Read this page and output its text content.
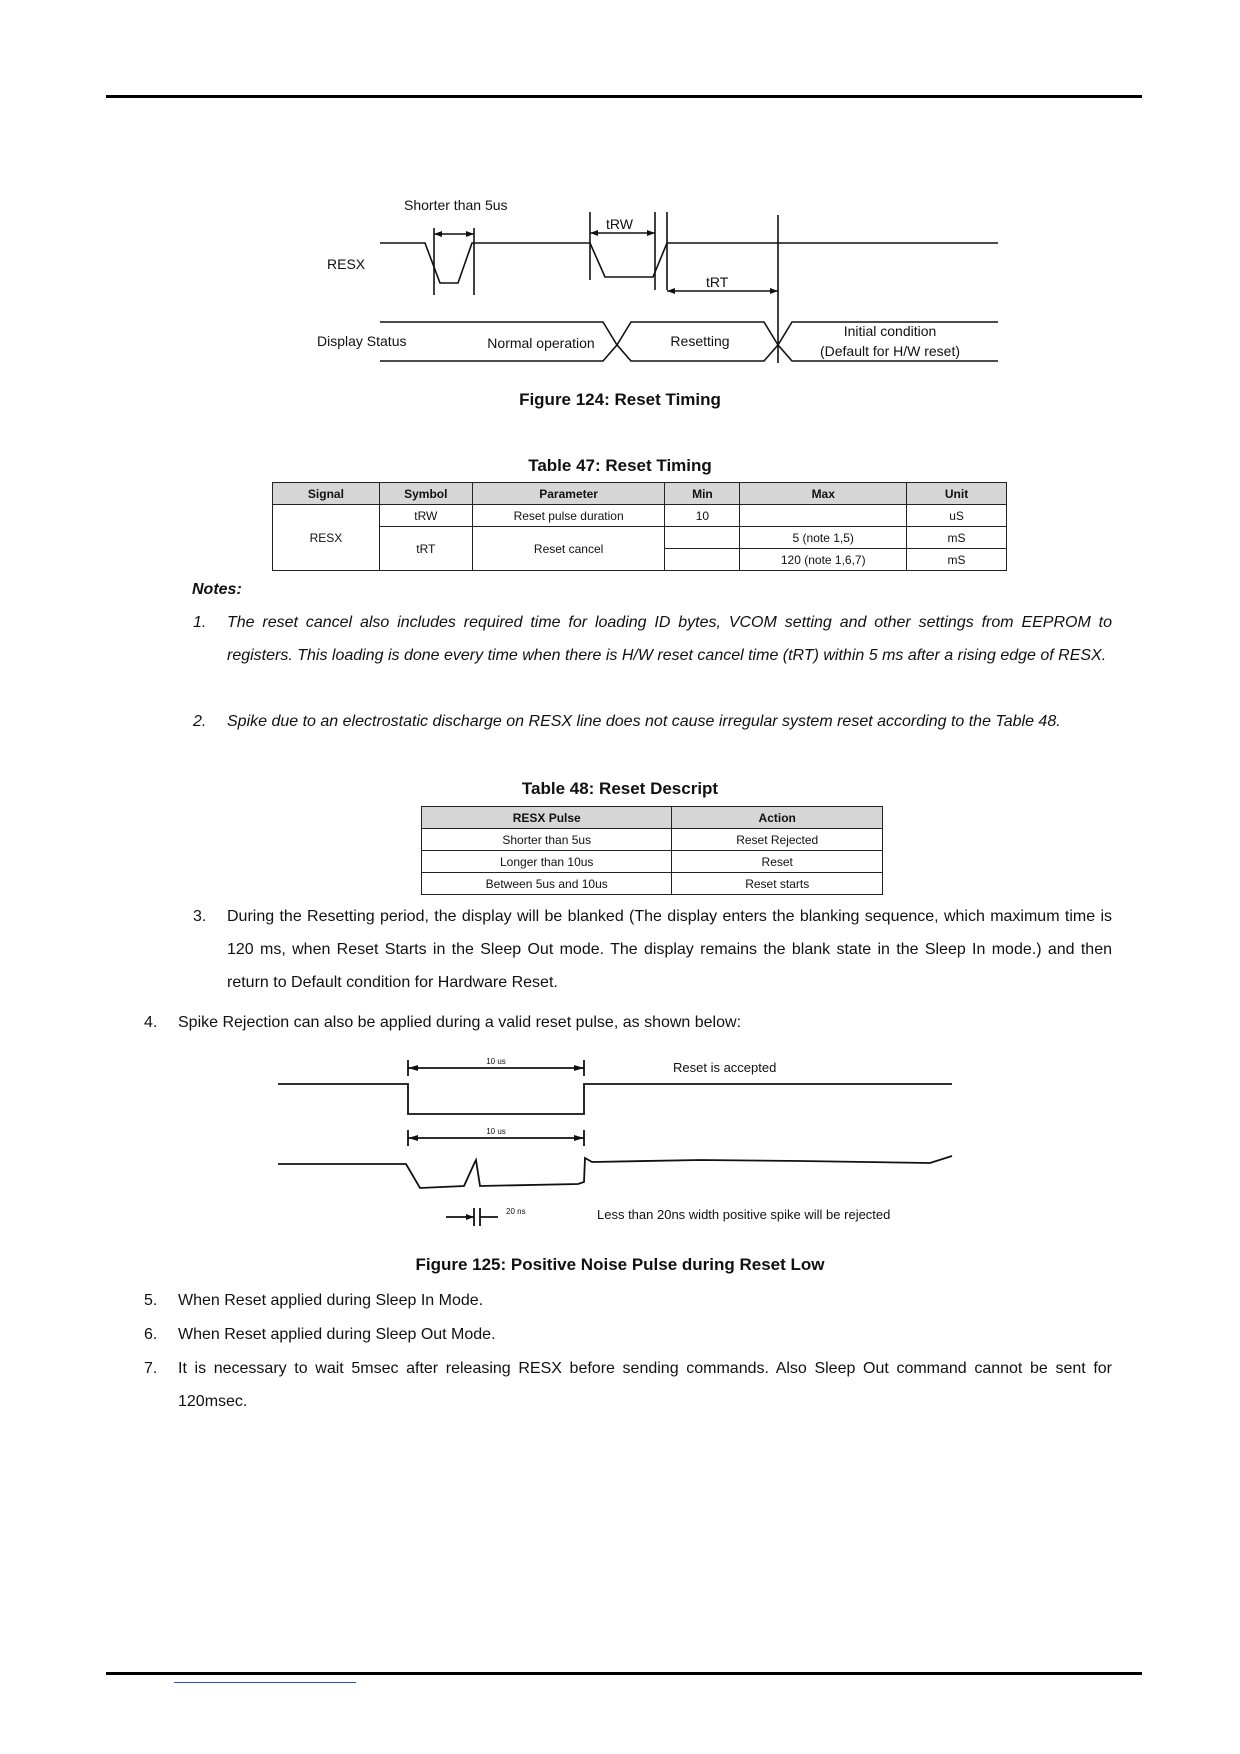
Shorter than 5us
tRW
tRT
RESX
Display Status	Normal operation	Resetting
Initial condition
(Default for H/W reset)
Figure 124: Reset Timing
Table 47: Reset Timing
Signal	Symbol	Parameter	Min	Max	Unit
RESX	tRW	Reset pulse duration	10		uS
	tRT	Reset cancel		5 (note 1,5)	mS
				120 (note 1,6,7)	mS
Notes:
1. The reset cancel also includes required time for loading ID bytes, VCOM setting and other settings from EEPROM to registers. This loading is done every time when there is H/W reset cancel time (tRT) within 5 ms after a rising edge of RESX.
2. Spike due to an electrostatic discharge on RESX line does not cause irregular system reset according to the Table 48.
Table 48: Reset Descript
RESX Pulse	Action
Shorter than 5us	Reset Rejected
Longer than 10us	Reset
Between 5us and 10us	Reset starts
3. During the Resetting period, the display will be blanked (The display enters the blanking sequence, which maximum time is 120 ms, when Reset Starts in the Sleep Out mode. The display remains the blank state in the Sleep In mode.) and then return to Default condition for Hardware Reset.
4. Spike Rejection can also be applied during a valid reset pulse, as shown below:
10 us
10 us
Reset is accepted
20 ns	Less than 20ns width positive spike will be rejected
Figure 125: Positive Noise Pulse during Reset Low
5. When Reset applied during Sleep In Mode.
6. When Reset applied during Sleep Out Mode.
7. It is necessary to wait 5msec after releasing RESX before sending commands. Also Sleep Out command cannot be sent for 120msec.
